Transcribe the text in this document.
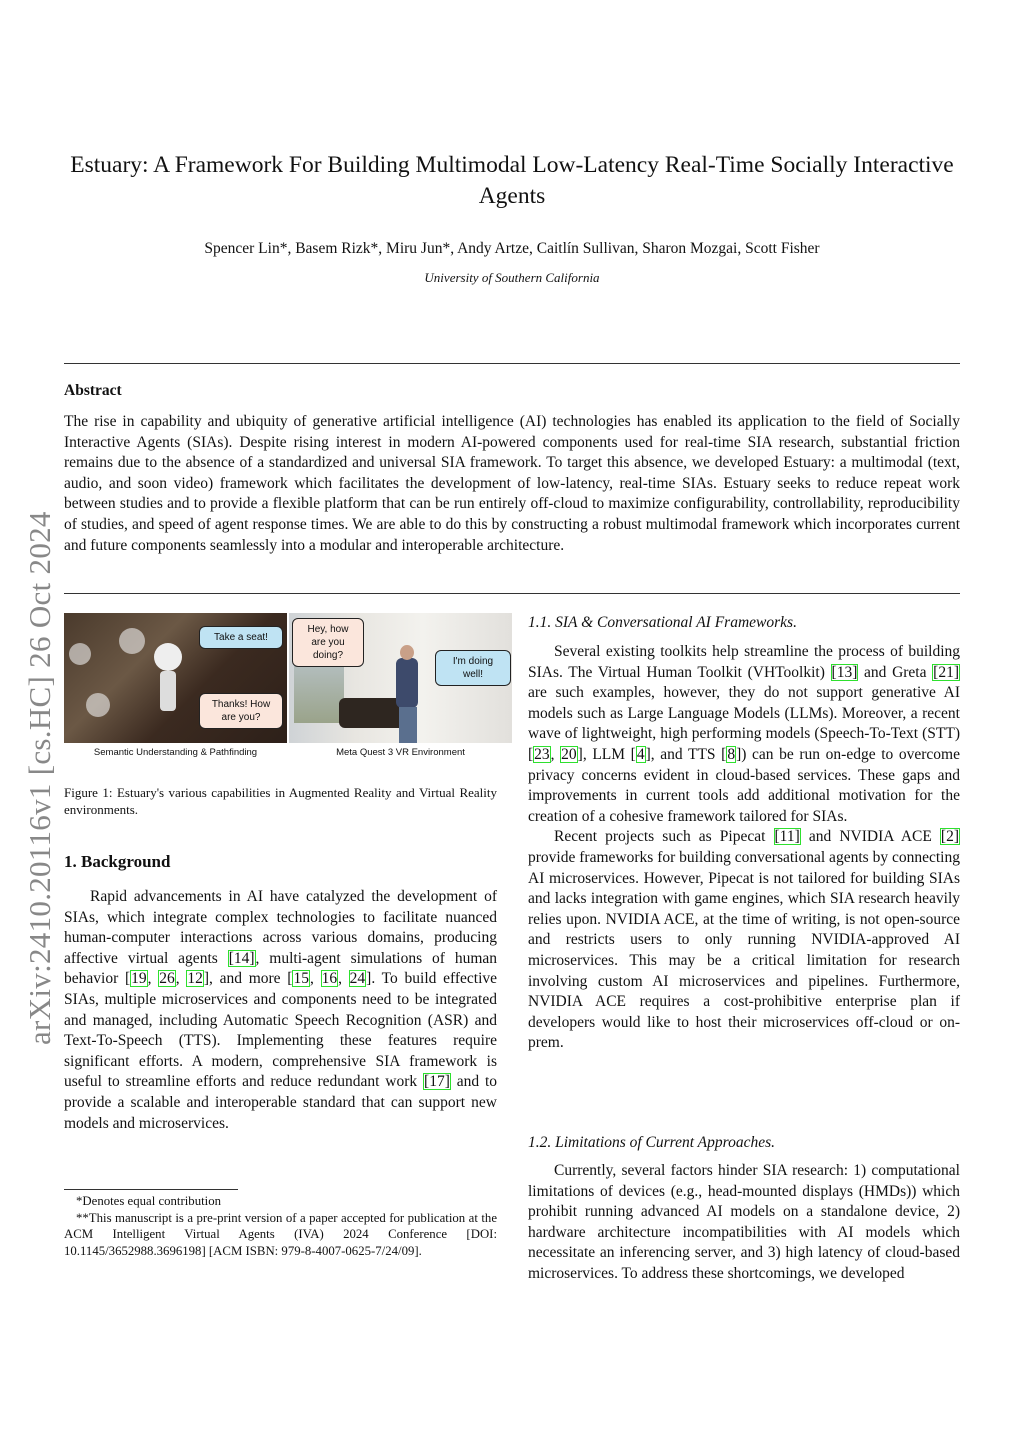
arXiv:2410.20116v1 [cs.HC] 26 Oct 2024
Estuary: A Framework For Building Multimodal Low-Latency Real-Time Socially Interactive Agents
Spencer Lin*, Basem Rizk*, Miru Jun*, Andy Artze, Caitlín Sullivan, Sharon Mozgai, Scott Fisher
University of Southern California
Abstract

The rise in capability and ubiquity of generative artificial intelligence (AI) technologies has enabled its application to the field of Socially Interactive Agents (SIAs). Despite rising interest in modern AI-powered components used for real-time SIA research, substantial friction remains due to the absence of a standardized and universal SIA framework. To target this absence, we developed Estuary: a multimodal (text, audio, and soon video) framework which facilitates the development of low-latency, real-time SIAs. Estuary seeks to reduce repeat work between studies and to provide a flexible platform that can be run entirely off-cloud to maximize configurability, controllability, reproducibility of studies, and speed of agent response times. We are able to do this by constructing a robust multimodal framework which incorporates current and future components seamlessly into a modular and interoperable architecture.

Take a seat!
Thanks! How are you?
Hey, how are you doing?
I'm doing well!
Semantic Understanding & Pathfinding	Meta Quest 3 VR Environment
Figure 1: Estuary's various capabilities in Augmented Reality and Virtual Reality environments.
1. Background

Rapid advancements in AI have catalyzed the development of SIAs, which integrate complex technologies to facilitate nuanced human-computer interactions across various domains, producing affective virtual agents [14], multi-agent simulations of human behavior [19, 26, 12], and more [15, 16, 24]. To build effective SIAs, multiple microservices and components need to be integrated and managed, including Automatic Speech Recognition (ASR) and Text-To-Speech (TTS). Implementing these features require significant efforts. A modern, comprehensive SIA framework is useful to streamline efforts and reduce redundant work [17] and to provide a scalable and interoperable standard that can support new models and microservices.

*Denotes equal contribution

**This manuscript is a pre-print version of a paper accepted for publication at the ACM Intelligent Virtual Agents (IVA) 2024 Conference [DOI: 10.1145/3652988.3696198] [ACM ISBN: 979-8-4007-0625-7/24/09].

1.1. SIA & Conversational AI Frameworks.

Several existing toolkits help streamline the process of building SIAs. The Virtual Human Toolkit (VHToolkit) [13] and Greta [21] are such examples, however, they do not support generative AI models such as Large Language Models (LLMs). Moreover, a recent wave of lightweight, high performing models (Speech-To-Text (STT) [23, 20], LLM [4], and TTS [8]) can be run on-edge to overcome privacy concerns evident in cloud-based services. These gaps and improvements in current tools add additional motivation for the creation of a cohesive framework tailored for SIAs.

Recent projects such as Pipecat [11] and NVIDIA ACE [2] provide frameworks for building conversational agents by connecting AI microservices. However, Pipecat is not tailored for building SIAs and lacks integration with game engines, which SIA research heavily relies upon. NVIDIA ACE, at the time of writing, is not open-source and restricts users to only running NVIDIA-approved AI microservices. This may be a critical limitation for research involving custom AI microservices and pipelines. Furthermore, NVIDIA ACE requires a cost-prohibitive enterprise plan if developers would like to host their microservices off-cloud or on-prem.

1.2. Limitations of Current Approaches.

Currently, several factors hinder SIA research: 1) computational limitations of devices (e.g., head-mounted displays (HMDs)) which prohibit running advanced AI models on a standalone device, 2) hardware architecture incompatibilities with AI models which necessitate an inferencing server, and 3) high latency of cloud-based microservices. To address these shortcomings, we developed
